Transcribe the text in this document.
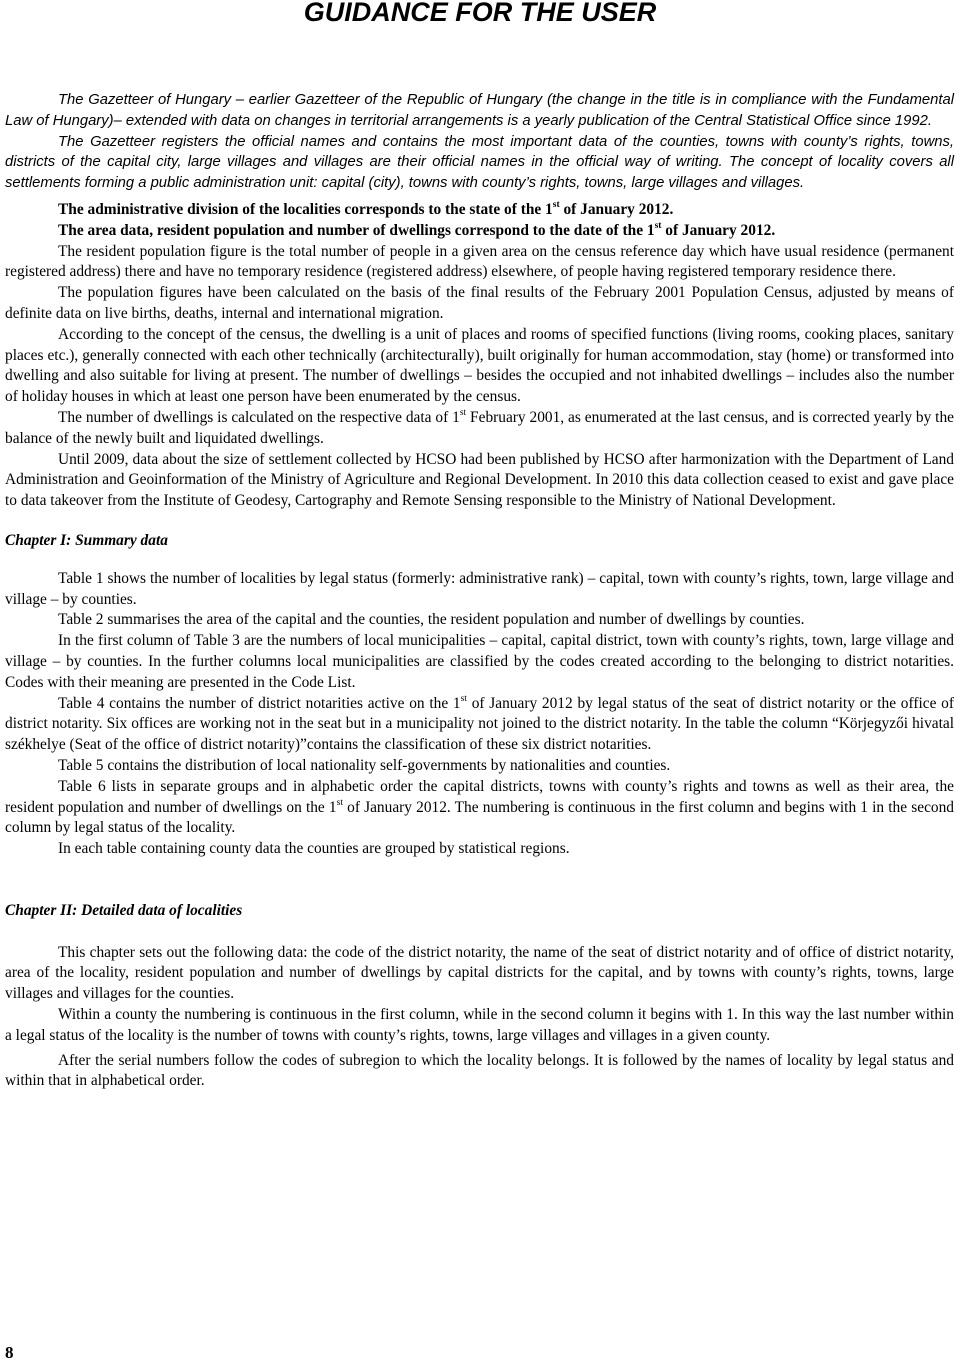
GUIDANCE FOR THE USER

The Gazetteer of Hungary – earlier Gazetteer of the Republic of Hungary (the change in the title is in compliance with the Fundamental Law of Hungary)– extended with data on changes in territorial arrangements is a yearly publication of the Central Statistical Office since 1992.

The Gazetteer registers the official names and contains the most important data of the counties, towns with county’s rights, towns, districts of the capital city, large villages and villages are their official names in the official way of writing. The concept of locality covers all settlements forming a public administration unit: capital (city), towns with county’s rights, towns, large villages and villages.

The administrative division of the localities corresponds to the state of the 1st of January 2012.

The area data, resident population and number of dwellings correspond to the date of the 1st of January 2012.

The resident population figure is the total number of people in a given area on the census reference day which have usual residence (permanent registered address) there and have no temporary residence (registered address) elsewhere, of people having registered temporary residence there.

The population figures have been calculated on the basis of the final results of the February 2001 Population Census, adjusted by means of definite data on live births, deaths, internal and international migration.

According to the concept of the census, the dwelling is a unit of places and rooms of specified functions (living rooms, cooking places, sanitary places etc.), generally connected with each other technically (architecturally), built originally for human accommodation, stay (home) or transformed into dwelling and also suitable for living at present. The number of dwellings – besides the occupied and not inhabited dwellings – includes also the number of holiday houses in which at least one person have been enumerated by the census.

The number of dwellings is calculated on the respective data of 1st February 2001, as enumerated at the last census, and is corrected yearly by the balance of the newly built and liquidated dwellings.

Until 2009, data about the size of settlement collected by HCSO had been published by HCSO after harmonization with the Department of Land Administration and Geoinformation of the Ministry of Agriculture and Regional Development. In 2010 this data collection ceased to exist and gave place to data takeover from the Institute of Geodesy, Cartography and Remote Sensing responsible to the Ministry of National Development.

Chapter I: Summary data

Table 1 shows the number of localities by legal status (formerly: administrative rank) – capital, town with county’s rights, town, large village and village – by counties.

Table 2 summarises the area of the capital and the counties, the resident population and number of dwellings by counties.

In the first column of Table 3 are the numbers of local municipalities – capital, capital district, town with county’s rights, town, large village and village – by counties. In the further columns local municipalities are classified by the codes created according to the belonging to district notarities. Codes with their meaning are presented in the Code List.

Table 4 contains the number of district notarities active on the 1st of January 2012 by legal status of the seat of district notarity or the office of district notarity. Six offices are working not in the seat but in a municipality not joined to the district notarity. In the table the column “Körjegyzői hivatal székhelye (Seat of the office of district notarity)”contains the classification of these six district notarities.

Table 5 contains the distribution of local nationality self-governments by nationalities and counties.

Table 6 lists in separate groups and in alphabetic order the capital districts, towns with county’s rights and towns as well as their area, the resident population and number of dwellings on the 1st of January 2012. The numbering is continuous in the first column and begins with 1 in the second column by legal status of the locality.

In each table containing county data the counties are grouped by statistical regions.

Chapter II: Detailed data of localities

This chapter sets out the following data: the code of the district notarity, the name of the seat of district notarity and of office of district notarity, area of the locality, resident population and number of dwellings by capital districts for the capital, and by towns with county’s rights, towns, large villages and villages for the counties.

Within a county the numbering is continuous in the first column, while in the second column it begins with 1. In this way the last number within a legal status of the locality is the number of towns with county’s rights, towns, large villages and villages in a given county.

After the serial numbers follow the codes of subregion to which the locality belongs. It is followed by the names of locality by legal status and within that in alphabetical order.

8
